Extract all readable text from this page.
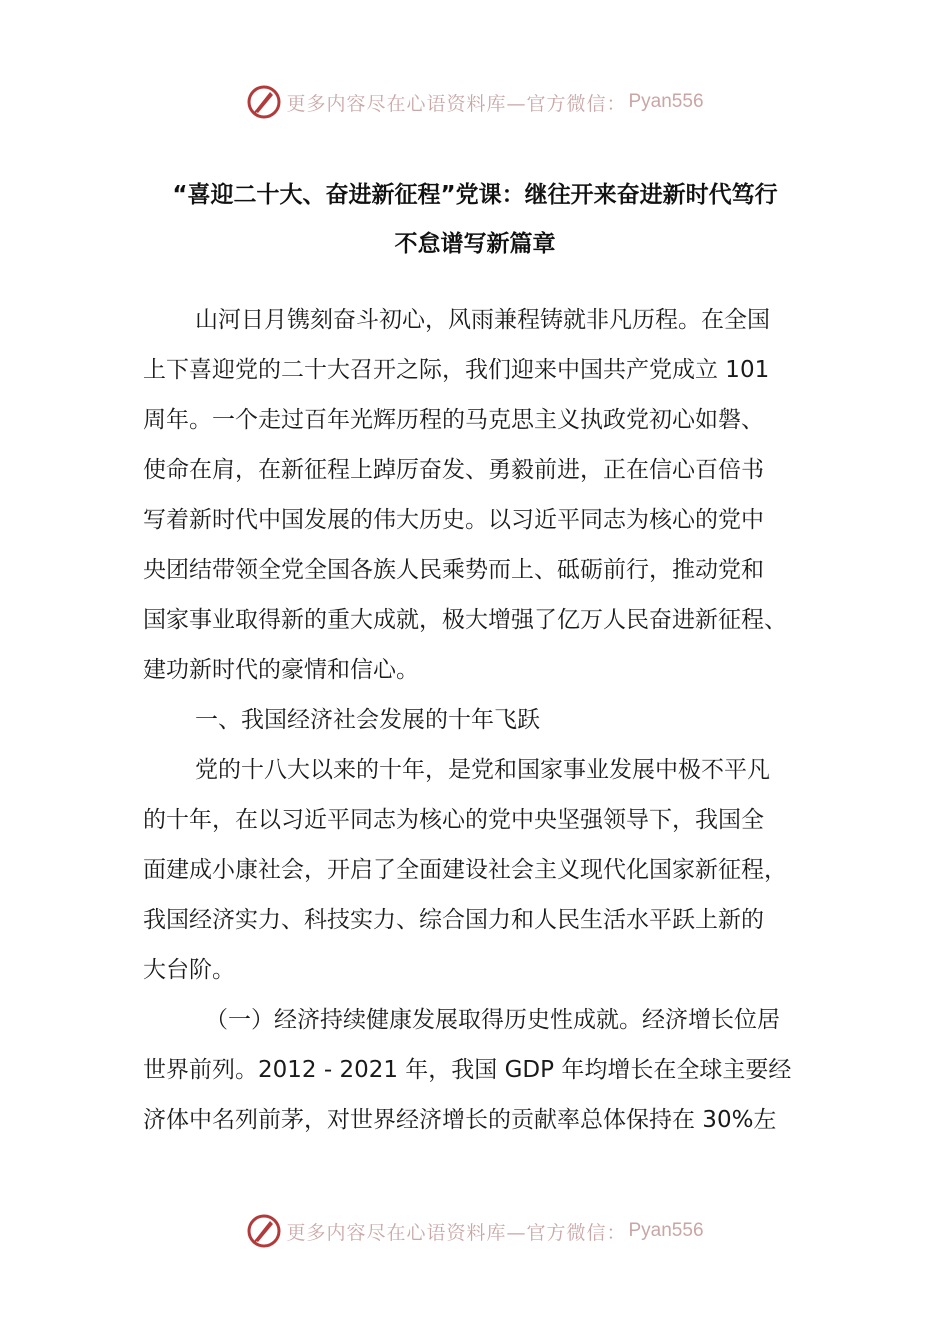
更多内容尽在心语资料库—官方微信： Pyan556
“喜迎二十大、奋进新征程”党课：继往开来奋进新时代笃行
不怠谱写新篇章
山河日月镌刻奋斗初心，风雨兼程铸就非凡历程。在全国
上下喜迎党的二十大召开之际，我们迎来中国共产党成立 101
周年。一个走过百年光辉历程的马克思主义执政党初心如磐、
使命在肩，在新征程上踔厉奋发、勇毅前进，正在信心百倍书
写着新时代中国发展的伟大历史。以习近平同志为核心的党中
央团结带领全党全国各族人民乘势而上、砥砺前行，推动党和
国家事业取得新的重大成就，极大增强了亿万人民奋进新征程、
建功新时代的豪情和信心。
一、我国经济社会发展的十年飞跃
党的十八大以来的十年，是党和国家事业发展中极不平凡
的十年，在以习近平同志为核心的党中央坚强领导下，我国全
面建成小康社会，开启了全面建设社会主义现代化国家新征程，
我国经济实力、科技实力、综合国力和人民生活水平跃上新的
大台阶。
（一）经济持续健康发展取得历史性成就。经济增长位居
世界前列。2012 - 2021 年，我国 GDP 年均增长在全球主要经
济体中名列前茅，对世界经济增长的贡献率总体保持在 30%左
更多内容尽在心语资料库—官方微信： Pyan556
